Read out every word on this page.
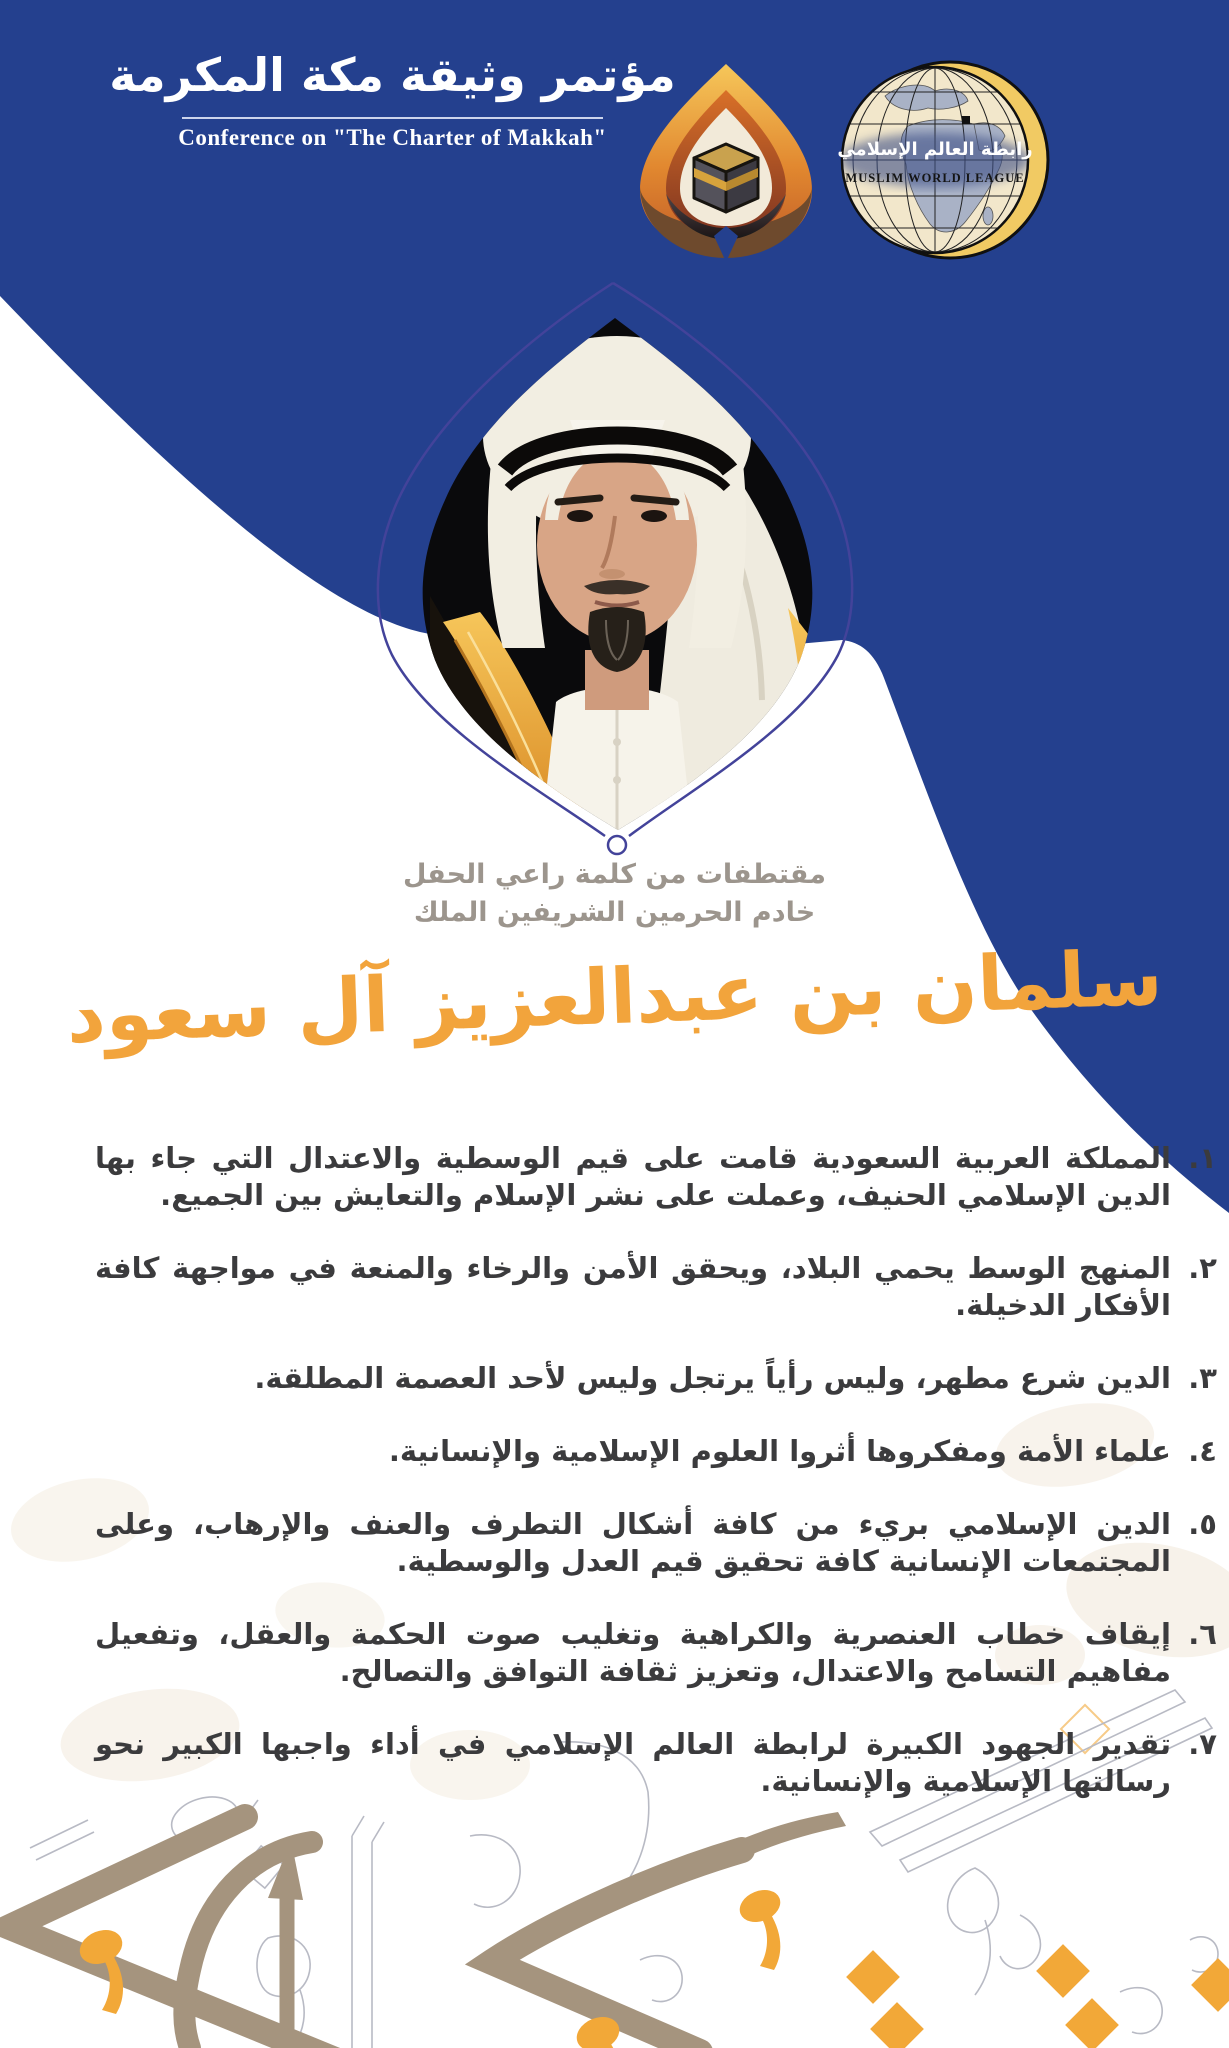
مؤتمر وثيقة مكة المكرمة
Conference on "The Charter of Makkah"	رابطة العالم الإسلامي
MUSLIM WORLD LEAGUE
مقتطفات من كلمة راعي الحفل
خادم الحرمين الشريفين الملك
سلمان بن عبدالعزيز آل سعود
١.

المملكة العربية السعودية قامت على قيم الوسطية والاعتدال التي جاء بها الدين الإسلامي الحنيف، وعملت على نشر الإسلام والتعايش بين الجميع.

٢.

المنهج الوسط يحمي البلاد، ويحقق الأمن والرخاء والمنعة في مواجهة كافة الأفكار الدخيلة.

٣.

الدين شرع مطهر، وليس رأياً يرتجل وليس لأحد العصمة المطلقة.

٤.

علماء الأمة ومفكروها أثروا العلوم الإسلامية والإنسانية.

٥.

الدين الإسلامي بريء من كافة أشكال التطرف والعنف والإرهاب، وعلى المجتمعات الإنسانية كافة تحقيق قيم العدل والوسطية.

٦.

إيقاف خطاب العنصرية والكراهية وتغليب صوت الحكمة والعقل، وتفعيل مفاهيم التسامح والاعتدال، وتعزيز ثقافة التوافق والتصالح.

٧.

تقدير الجهود الكبيرة لرابطة العالم الإسلامي في أداء واجبها الكبير نحو رسالتها الإسلامية والإنسانية.
